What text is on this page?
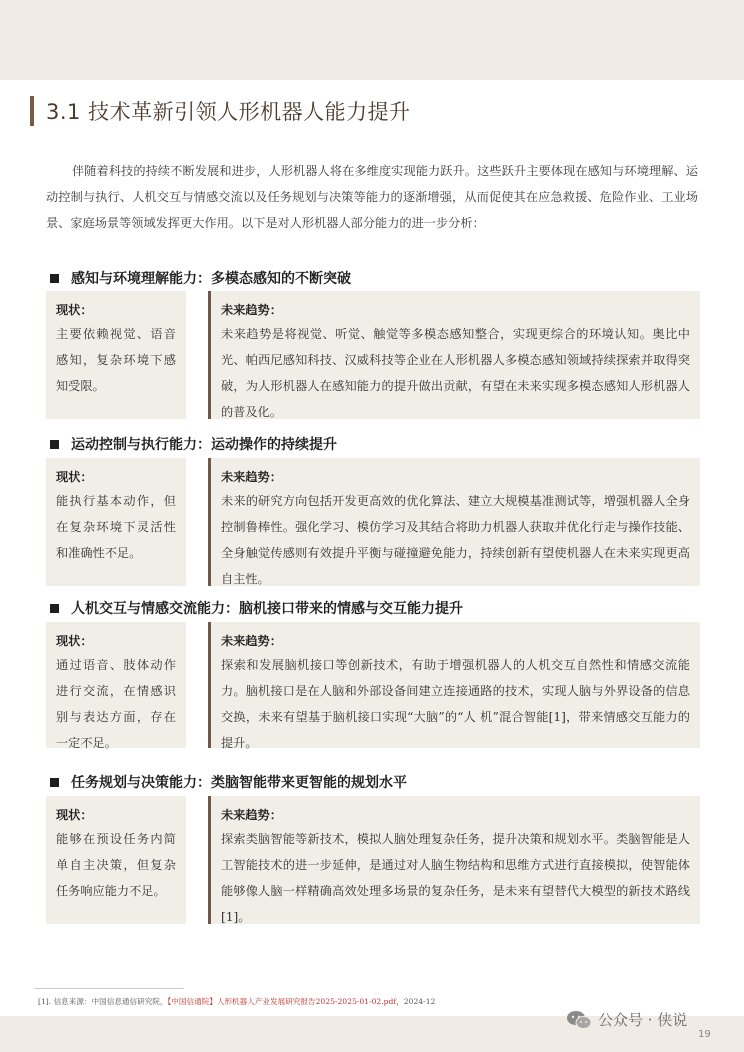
3.1 技术革新引领人形机器人能力提升
伴随着科技的持续不断发展和进步，人形机器人将在多维度实现能力跃升。这些跃升主要体现在感知与环境理解、运动控制与执行、人机交互与情感交流以及任务规划与决策等能力的逐渐增强，从而促使其在应急救援、危险作业、工业场景、家庭场景等领域发挥更大作用。以下是对人形机器人部分能力的进一步分析：
感知与环境理解能力：多模态感知的不断突破
现状：
主要依赖视觉、语音感知，复杂环境下感知受限。
未来趋势：
未来趋势是将视觉、听觉、触觉等多模态感知整合，实现更综合的环境认知。奥比中光、帕西尼感知科技、汉威科技等企业在人形机器人多模态感知领域持续探索并取得突破，为人形机器人在感知能力的提升做出贡献，有望在未来实现多模态感知人形机器人的普及化。
运动控制与执行能力：运动操作的持续提升
现状：
能执行基本动作，但在复杂环境下灵活性和准确性不足。
未来趋势：
未来的研究方向包括开发更高效的优化算法、建立大规模基准测试等，增强机器人全身控制鲁棒性。强化学习、模仿学习及其结合将助力机器人获取并优化行走与操作技能、全身触觉传感则有效提升平衡与碰撞避免能力，持续创新有望使机器人在未来实现更高自主性。
人机交互与情感交流能力：脑机接口带来的情感与交互能力提升
现状：
通过语音、肢体动作进行交流，在情感识别与表达方面，存在一定不足。
未来趋势：
探索和发展脑机接口等创新技术，有助于增强机器人的人机交互自然性和情感交流能力。脑机接口是在人脑和外部设备间建立连接通路的技术，实现人脑与外界设备的信息交换，未来有望基于脑机接口实现“大脑”的“人 机”混合智能[1]，带来情感交互能力的提升。
任务规划与决策能力：类脑智能带来更智能的规划水平
现状：
能够在预设任务内简单自主决策，但复杂任务响应能力不足。
未来趋势：
探索类脑智能等新技术，模拟人脑处理复杂任务，提升决策和规划水平。类脑智能是人工智能技术的进一步延伸，是通过对人脑生物结构和思维方式进行直接模拟，使智能体能够像人脑一样精确高效处理多场景的复杂任务，是未来有望替代大模型的新技术路线[1]。
[1]. 信息来源：中国信息通信研究院，【中国信通院】人形机器人产业发展研究报告2025-2025-01-02.pdf，2024-12
公众号 · 侠说
19
